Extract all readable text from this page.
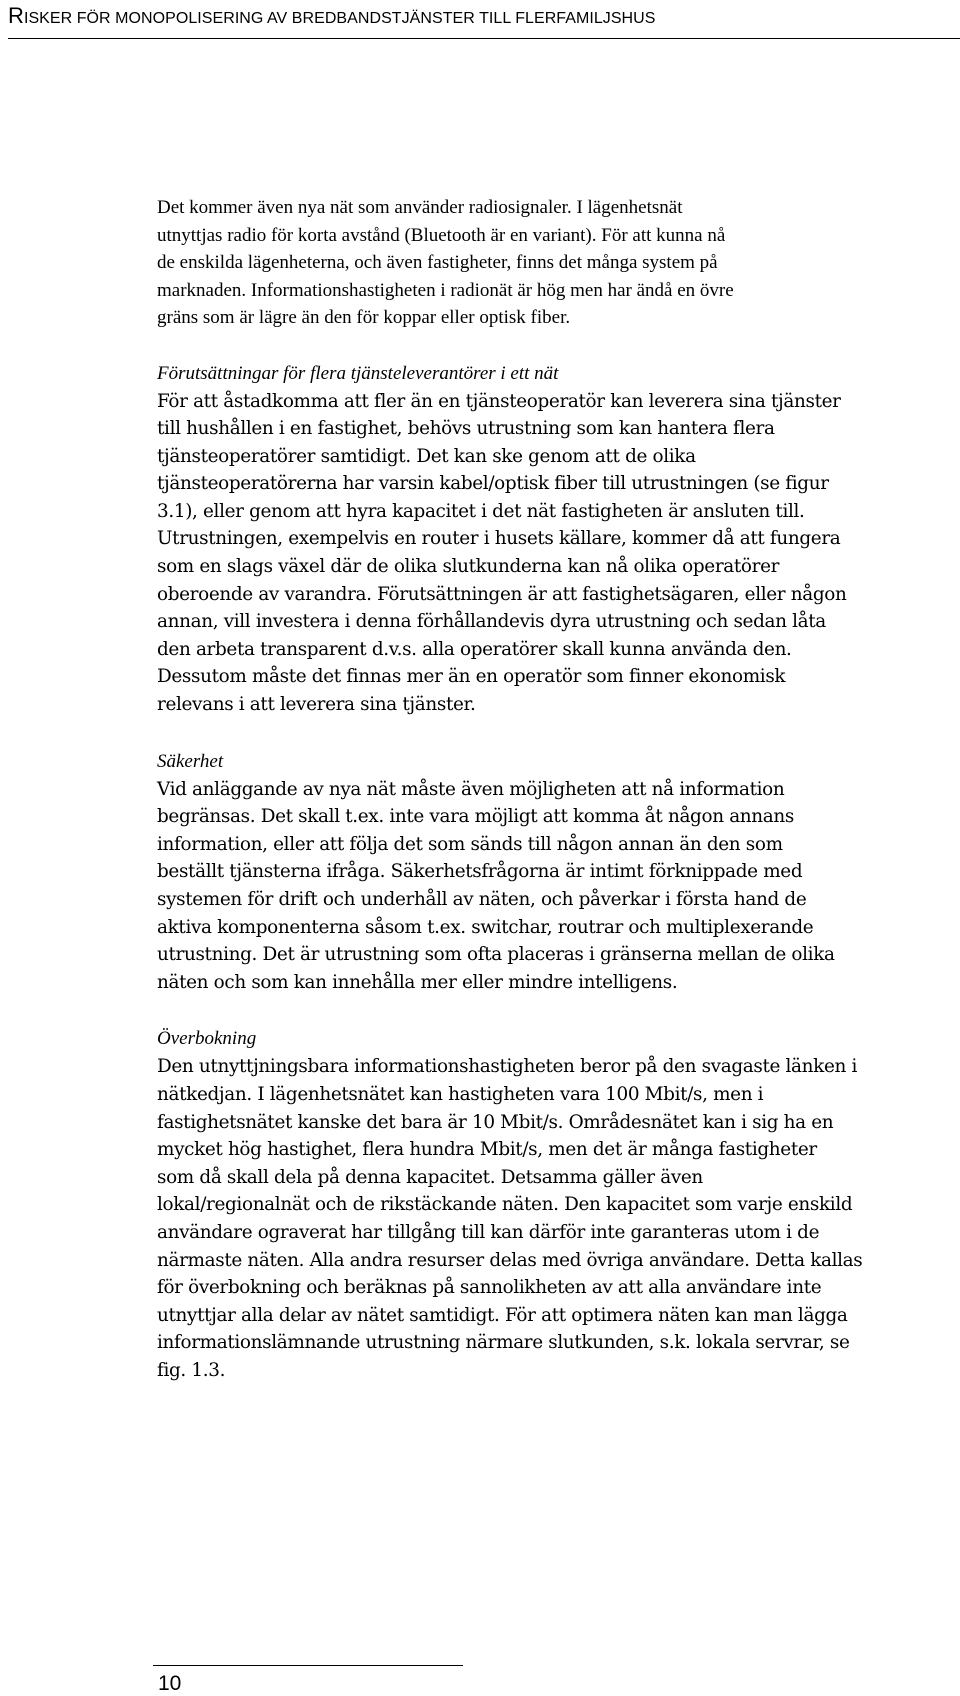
RISKER FÖR MONOPOLISERING AV BREDBANDSTJÄNSTER TILL FLERFAMILJSHUS
Det kommer även nya nät som använder radiosignaler. I lägenhetsnät
utnyttjas radio för korta avstånd (Bluetooth är en variant). För att kunna nå
de enskilda lägenheterna, och även fastigheter, finns det många system på
marknaden. Informationshastigheten i radionät är hög men har ändå en övre
gräns som är lägre än den för koppar eller optisk fiber.
Förutsättningar för flera tjänsteleverantörer i ett nät
För att åstadkomma att fler än en tjänsteoperatör kan leverera sina tjänster
till hushållen i en fastighet, behövs utrustning som kan hantera flera
tjänsteoperatörer samtidigt. Det kan ske genom att de olika
tjänsteoperatörerna har varsin kabel/optisk fiber till utrustningen (se figur
3.1), eller genom att hyra kapacitet i det nät fastigheten är ansluten till.
Utrustningen, exempelvis en router i husets källare, kommer då att fungera
som en slags växel där de olika slutkunderna kan nå olika operatörer
oberoende av varandra. Förutsättningen är att fastighetsägaren, eller någon
annan, vill investera i denna förhållandevis dyra utrustning och sedan låta
den arbeta transparent d.v.s. alla operatörer skall kunna använda den.
Dessutom måste det finnas mer än en operatör som finner ekonomisk
relevans i att leverera sina tjänster.
Säkerhet
Vid anläggande av nya nät måste även möjligheten att nå information
begränsas. Det skall t.ex. inte vara möjligt att komma åt någon annans
information, eller att följa det som sänds till någon annan än den som
beställt tjänsterna ifråga. Säkerhetsfrågorna är intimt förknippade med
systemen för drift och underhåll av näten, och påverkar i första hand de
aktiva komponenterna såsom t.ex. switchar, routrar och multiplexerande
utrustning. Det är utrustning som ofta placeras i gränserna mellan de olika
näten och som kan innehålla mer eller mindre intelligens.
Överbokning
Den utnyttjningsbara informationshastigheten beror på den svagaste länken i
nätkedjan. I lägenhetsnätet kan hastigheten vara 100 Mbit/s, men i
fastighetsnätet kanske det bara är 10 Mbit/s. Områdesnätet kan i sig ha en
mycket hög hastighet, flera hundra Mbit/s, men det är många fastigheter
som då skall dela på denna kapacitet. Detsamma gäller även
lokal/regionalnät och de rikstäckande näten. Den kapacitet som varje enskild
användare ograverat har tillgång till kan därför inte garanteras utom i de
närmaste näten. Alla andra resurser delas med övriga användare. Detta kallas
för överbokning och beräknas på sannolikheten av att alla användare inte
utnyttjar alla delar av nätet samtidigt. För att optimera näten kan man lägga
informationslämnande utrustning närmare slutkunden, s.k. lokala servrar, se
fig. 1.3.
10
